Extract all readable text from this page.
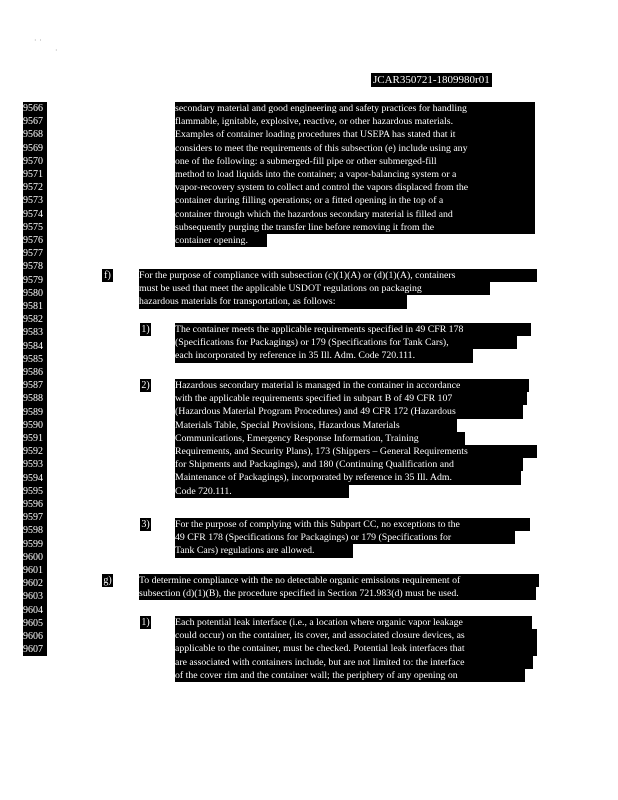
· ·
·
JCAR350721-1809980r01
9566
9567
9568
9569
9570
9571
9572
9573
9574
9575
9576
9577
9578
9579
9580
9581
9582
9583
9584
9585
9586
9587
9588
9589
9590
9591
9592
9593
9594
9595
9596
9597
9598
9599
9600
9601
9602
9603
9604
9605
9606
9607
secondary material and good engineering and safety practices for handling
flammable, ignitable, explosive, reactive, or other hazardous materials.
Examples of container loading procedures that USEPA has stated that it
considers to meet the requirements of this subsection (e) include using any
one of the following: a submerged-fill pipe or other submerged-fill
method to load liquids into the container; a vapor-balancing system or a
vapor-recovery system to collect and control the vapors displaced from the
container during filling operations; or a fitted opening in the top of a
container through which the hazardous secondary material is filled and
subsequently purging the transfer line before removing it from the
container opening.
f)	For the purpose of compliance with subsection (c)(1)(A) or (d)(1)(A), containers
must be used that meet the applicable USDOT regulations on packaging
hazardous materials for transportation, as follows:
1)	The container meets the applicable requirements specified in 49 CFR 178
(Specifications for Packagings) or 179 (Specifications for Tank Cars),
each incorporated by reference in 35 Ill. Adm. Code 720.111.
2)	Hazardous secondary material is managed in the container in accordance
with the applicable requirements specified in subpart B of 49 CFR 107
(Hazardous Material Program Procedures) and 49 CFR 172 (Hazardous
Materials Table, Special Provisions, Hazardous Materials
Communications, Emergency Response Information, Training
Requirements, and Security Plans), 173 (Shippers – General Requirements
for Shipments and Packagings), and 180 (Continuing Qualification and
Maintenance of Packagings), incorporated by reference in 35 Ill. Adm.
Code 720.111.
3)	For the purpose of complying with this Subpart CC, no exceptions to the
49 CFR 178 (Specifications for Packagings) or 179 (Specifications for
Tank Cars) regulations are allowed.
g)	To determine compliance with the no detectable organic emissions requirement of
subsection (d)(1)(B), the procedure specified in Section 721.983(d) must be used.
1)	Each potential leak interface (i.e., a location where organic vapor leakage
could occur) on the container, its cover, and associated closure devices, as
applicable to the container, must be checked. Potential leak interfaces that
are associated with containers include, but are not limited to: the interface
of the cover rim and the container wall; the periphery of any opening on
